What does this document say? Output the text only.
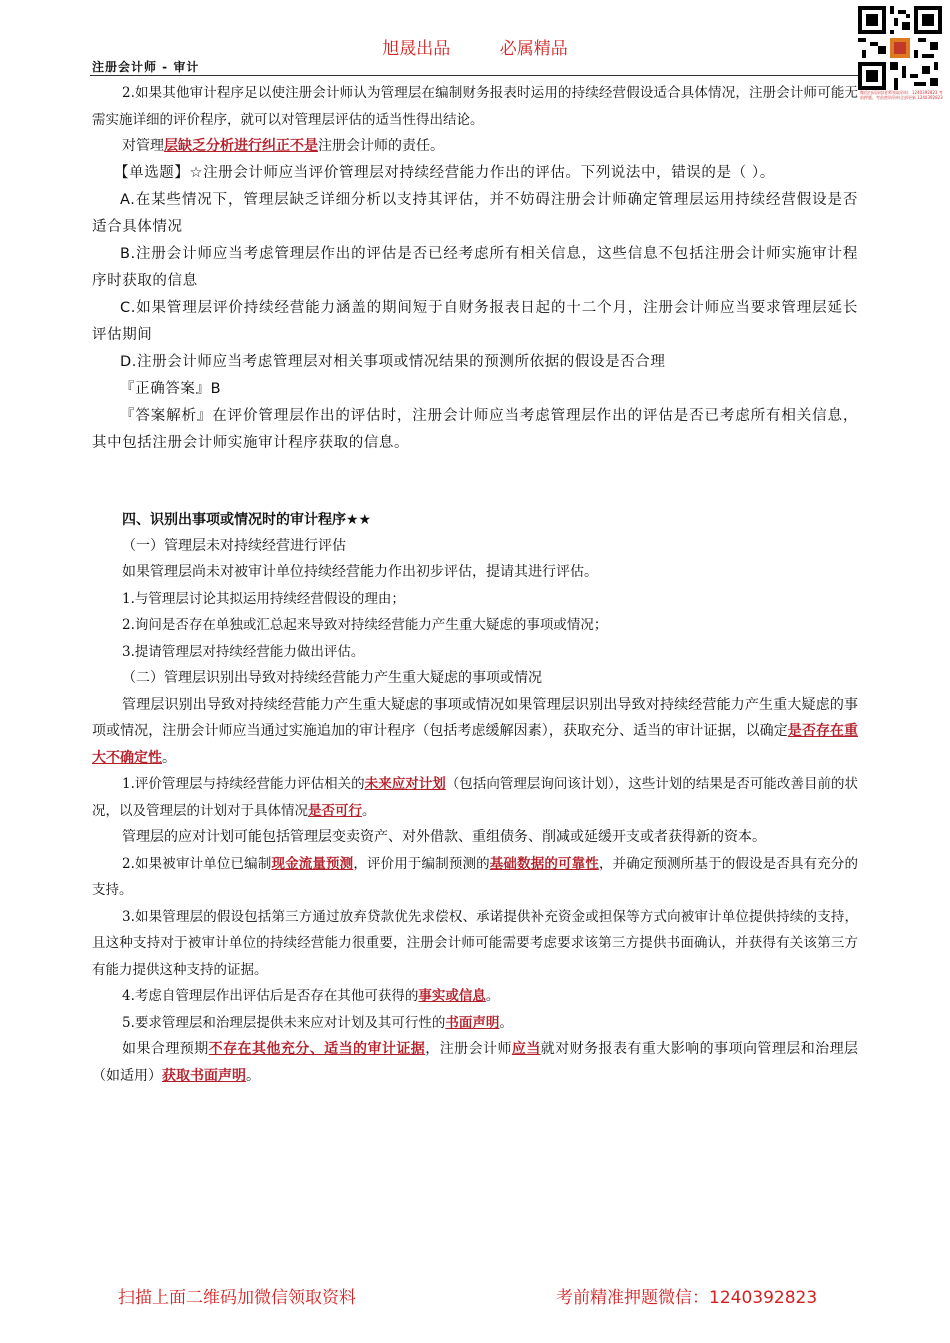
旭晟出品	必属精品
注册会计师 - 审计
微信扫码添加老师领取资料：1240392823 考前押题、考前密训资料全部更新 1240392823

2.如果其他审计程序足以使注册会计师认为管理层在编制财务报表时运用的持续经营假设适合具体情况，注册会计师可能无需实施详细的评价程序，就可以对管理层评估的适当性得出结论。

对管理层缺乏分析进行纠正不是注册会计师的责任。

【单选题】☆注册会计师应当评价管理层对持续经营能力作出的评估。下列说法中，错误的是（ ）。

A.在某些情况下，管理层缺乏详细分析以支持其评估，并不妨碍注册会计师确定管理层运用持续经营假设是否适合具体情况

B.注册会计师应当考虑管理层作出的评估是否已经考虑所有相关信息，这些信息不包括注册会计师实施审计程序时获取的信息

C.如果管理层评价持续经营能力涵盖的期间短于自财务报表日起的十二个月，注册会计师应当要求管理层延长评估期间

D.注册会计师应当考虑管理层对相关事项或情况结果的预测所依据的假设是否合理

『正确答案』B

『答案解析』在评价管理层作出的评估时，注册会计师应当考虑管理层作出的评估是否已考虑所有相关信息，其中包括注册会计师实施审计程序获取的信息。

四、识别出事项或情况时的审计程序★★

（一）管理层未对持续经营进行评估

如果管理层尚未对被审计单位持续经营能力作出初步评估，提请其进行评估。

1.与管理层讨论其拟运用持续经营假设的理由；

2.询问是否存在单独或汇总起来导致对持续经营能力产生重大疑虑的事项或情况；

3.提请管理层对持续经营能力做出评估。

（二）管理层识别出导致对持续经营能力产生重大疑虑的事项或情况

管理层识别出导致对持续经营能力产生重大疑虑的事项或情况如果管理层识别出导致对持续经营能力产生重大疑虑的事项或情况，注册会计师应当通过实施追加的审计程序（包括考虑缓解因素），获取充分、适当的审计证据，以确定是否存在重大不确定性。

1.评价管理层与持续经营能力评估相关的未来应对计划（包括向管理层询问该计划），这些计划的结果是否可能改善目前的状况，以及管理层的计划对于具体情况是否可行。

管理层的应对计划可能包括管理层变卖资产、对外借款、重组债务、削减或延缓开支或者获得新的资本。

2.如果被审计单位已编制现金流量预测，评价用于编制预测的基础数据的可靠性，并确定预测所基于的假设是否具有充分的支持。

3.如果管理层的假设包括第三方通过放弃贷款优先求偿权、承诺提供补充资金或担保等方式向被审计单位提供持续的支持，且这种支持对于被审计单位的持续经营能力很重要，注册会计师可能需要考虑要求该第三方提供书面确认，并获得有关该第三方有能力提供这种支持的证据。

4.考虑自管理层作出评估后是否存在其他可获得的事实或信息。

5.要求管理层和治理层提供未来应对计划及其可行性的书面声明。

如果合理预期不存在其他充分、适当的审计证据，注册会计师应当就对财务报表有重大影响的事项向管理层和治理层（如适用）获取书面声明。

扫描上面二维码加微信领取资料	考前精准押题微信：1240392823
